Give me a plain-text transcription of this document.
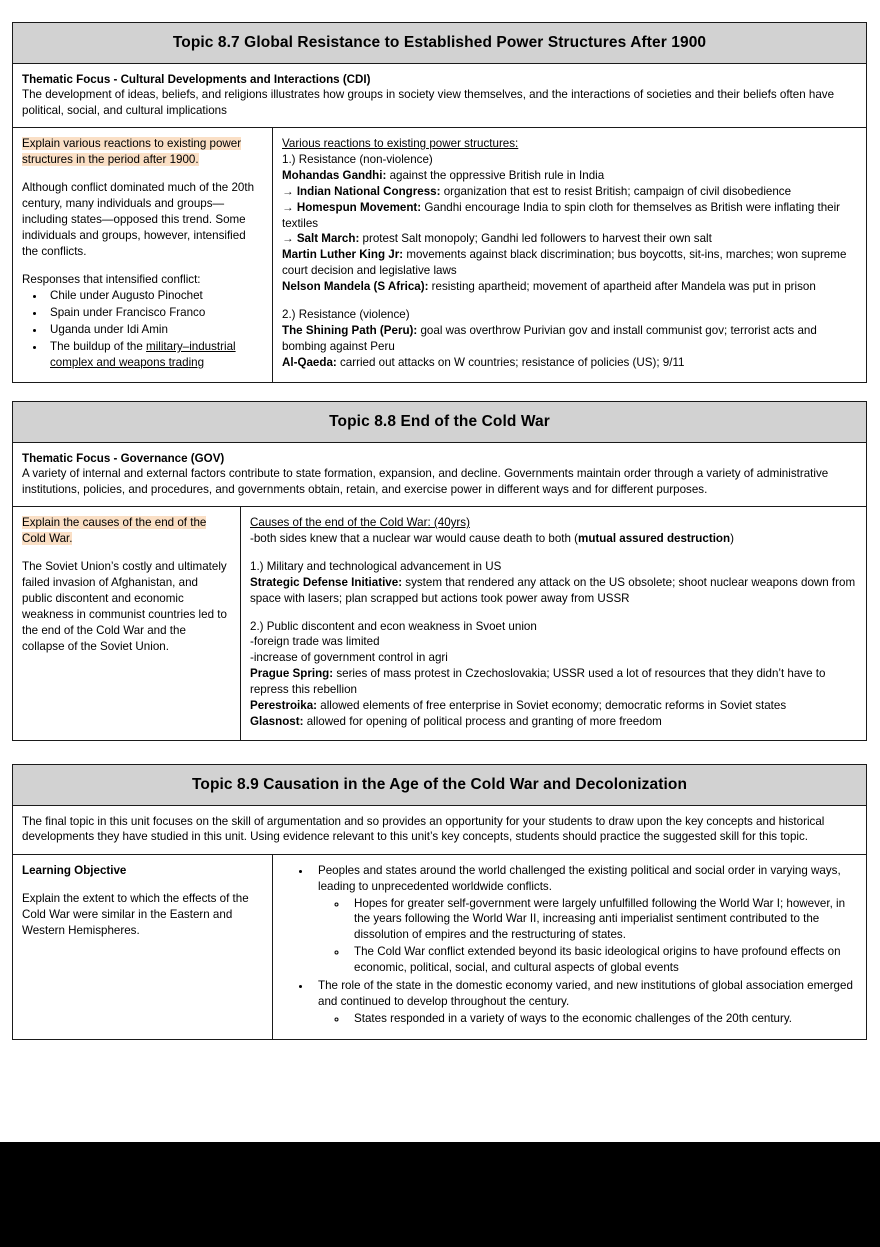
Topic 8.7 Global Resistance to Established Power Structures After 1900
Thematic Focus - Cultural Developments and Interactions (CDI)
The development of ideas, beliefs, and religions illustrates how groups in society view themselves, and the interactions of societies and their beliefs often have political, social, and cultural implications
Explain various reactions to existing power structures in the period after 1900.
Although conflict dominated much of the 20th century, many individuals and groups— including states—opposed this trend. Some individuals and groups, however, intensified the conflicts.
Responses that intensified conflict:
• Chile under Augusto Pinochet
• Spain under Francisco Franco
• Uganda under Idi Amin
• The buildup of the military–industrial complex and weapons trading
Various reactions to existing power structures:
1.) Resistance (non-violence)
Mohandas Gandhi: against the oppressive British rule in India
→ Indian National Congress: organization that est to resist British; campaign of civil disobedience
→ Homespun Movement: Gandhi encourage India to spin cloth for themselves as British were inflating their textiles
→ Salt March: protest Salt monopoly; Gandhi led followers to harvest their own salt
Martin Luther King Jr: movements against black discrimination; bus boycotts, sit-ins, marches; won supreme court decision and legislative laws
Nelson Mandela (S Africa): resisting apartheid; movement of apartheid after Mandela was put in prison
2.) Resistance (violence)
The Shining Path (Peru): goal was overthrow Purivian gov and install communist gov; terrorist acts and bombing against Peru
Al-Qaeda: carried out attacks on W countries; resistance of policies (US); 9/11
Topic 8.8 End of the Cold War
Thematic Focus - Governance (GOV)
A variety of internal and external factors contribute to state formation, expansion, and decline. Governments maintain order through a variety of administrative institutions, policies, and procedures, and governments obtain, retain, and exercise power in different ways and for different purposes.
Explain the causes of the end of the Cold War.
The Soviet Union’s costly and ultimately failed invasion of Afghanistan, and public discontent and economic weakness in communist countries led to the end of the Cold War and the collapse of the Soviet Union.
Causes of the end of the Cold War: (40yrs)
-both sides knew that a nuclear war would cause death to both (mutual assured destruction)
1.) Military and technological advancement in US
Strategic Defense Initiative: system that rendered any attack on the US obsolete; shoot nuclear weapons down from space with lasers; plan scrapped but actions took power away from USSR
2.) Public discontent and econ weakness in Svoet union
-foreign trade was limited
-increase of government control in agri
Prague Spring: series of mass protest in Czechoslovakia; USSR used a lot of resources that they didn’t have to repress this rebellion
Perestroika: allowed elements of free enterprise in Soviet economy; democratic reforms in Soviet states
Glasnost: allowed for opening of political process and granting of more freedom
Topic 8.9 Causation in the Age of the Cold War and Decolonization
The final topic in this unit focuses on the skill of argumentation and so provides an opportunity for your students to draw upon the key concepts and historical developments they have studied in this unit. Using evidence relevant to this unit’s key concepts, students should practice the suggested skill for this topic.
Learning Objective
Explain the extent to which the effects of the Cold War were similar in the Eastern and Western Hemispheres.
• Peoples and states around the world challenged the existing political and social order in varying ways, leading to unprecedented worldwide conflicts.
◦ Hopes for greater self-government were largely unfulfilled following the World War I; however, in the years following the World War II, increasing anti imperialist sentiment contributed to the dissolution of empires and the restructuring of states.
◦ The Cold War conflict extended beyond its basic ideological origins to have profound effects on economic, political, social, and cultural aspects of global events
• The role of the state in the domestic economy varied, and new institutions of global association emerged and continued to develop throughout the century.
◦ States responded in a variety of ways to the economic challenges of the 20th century.
